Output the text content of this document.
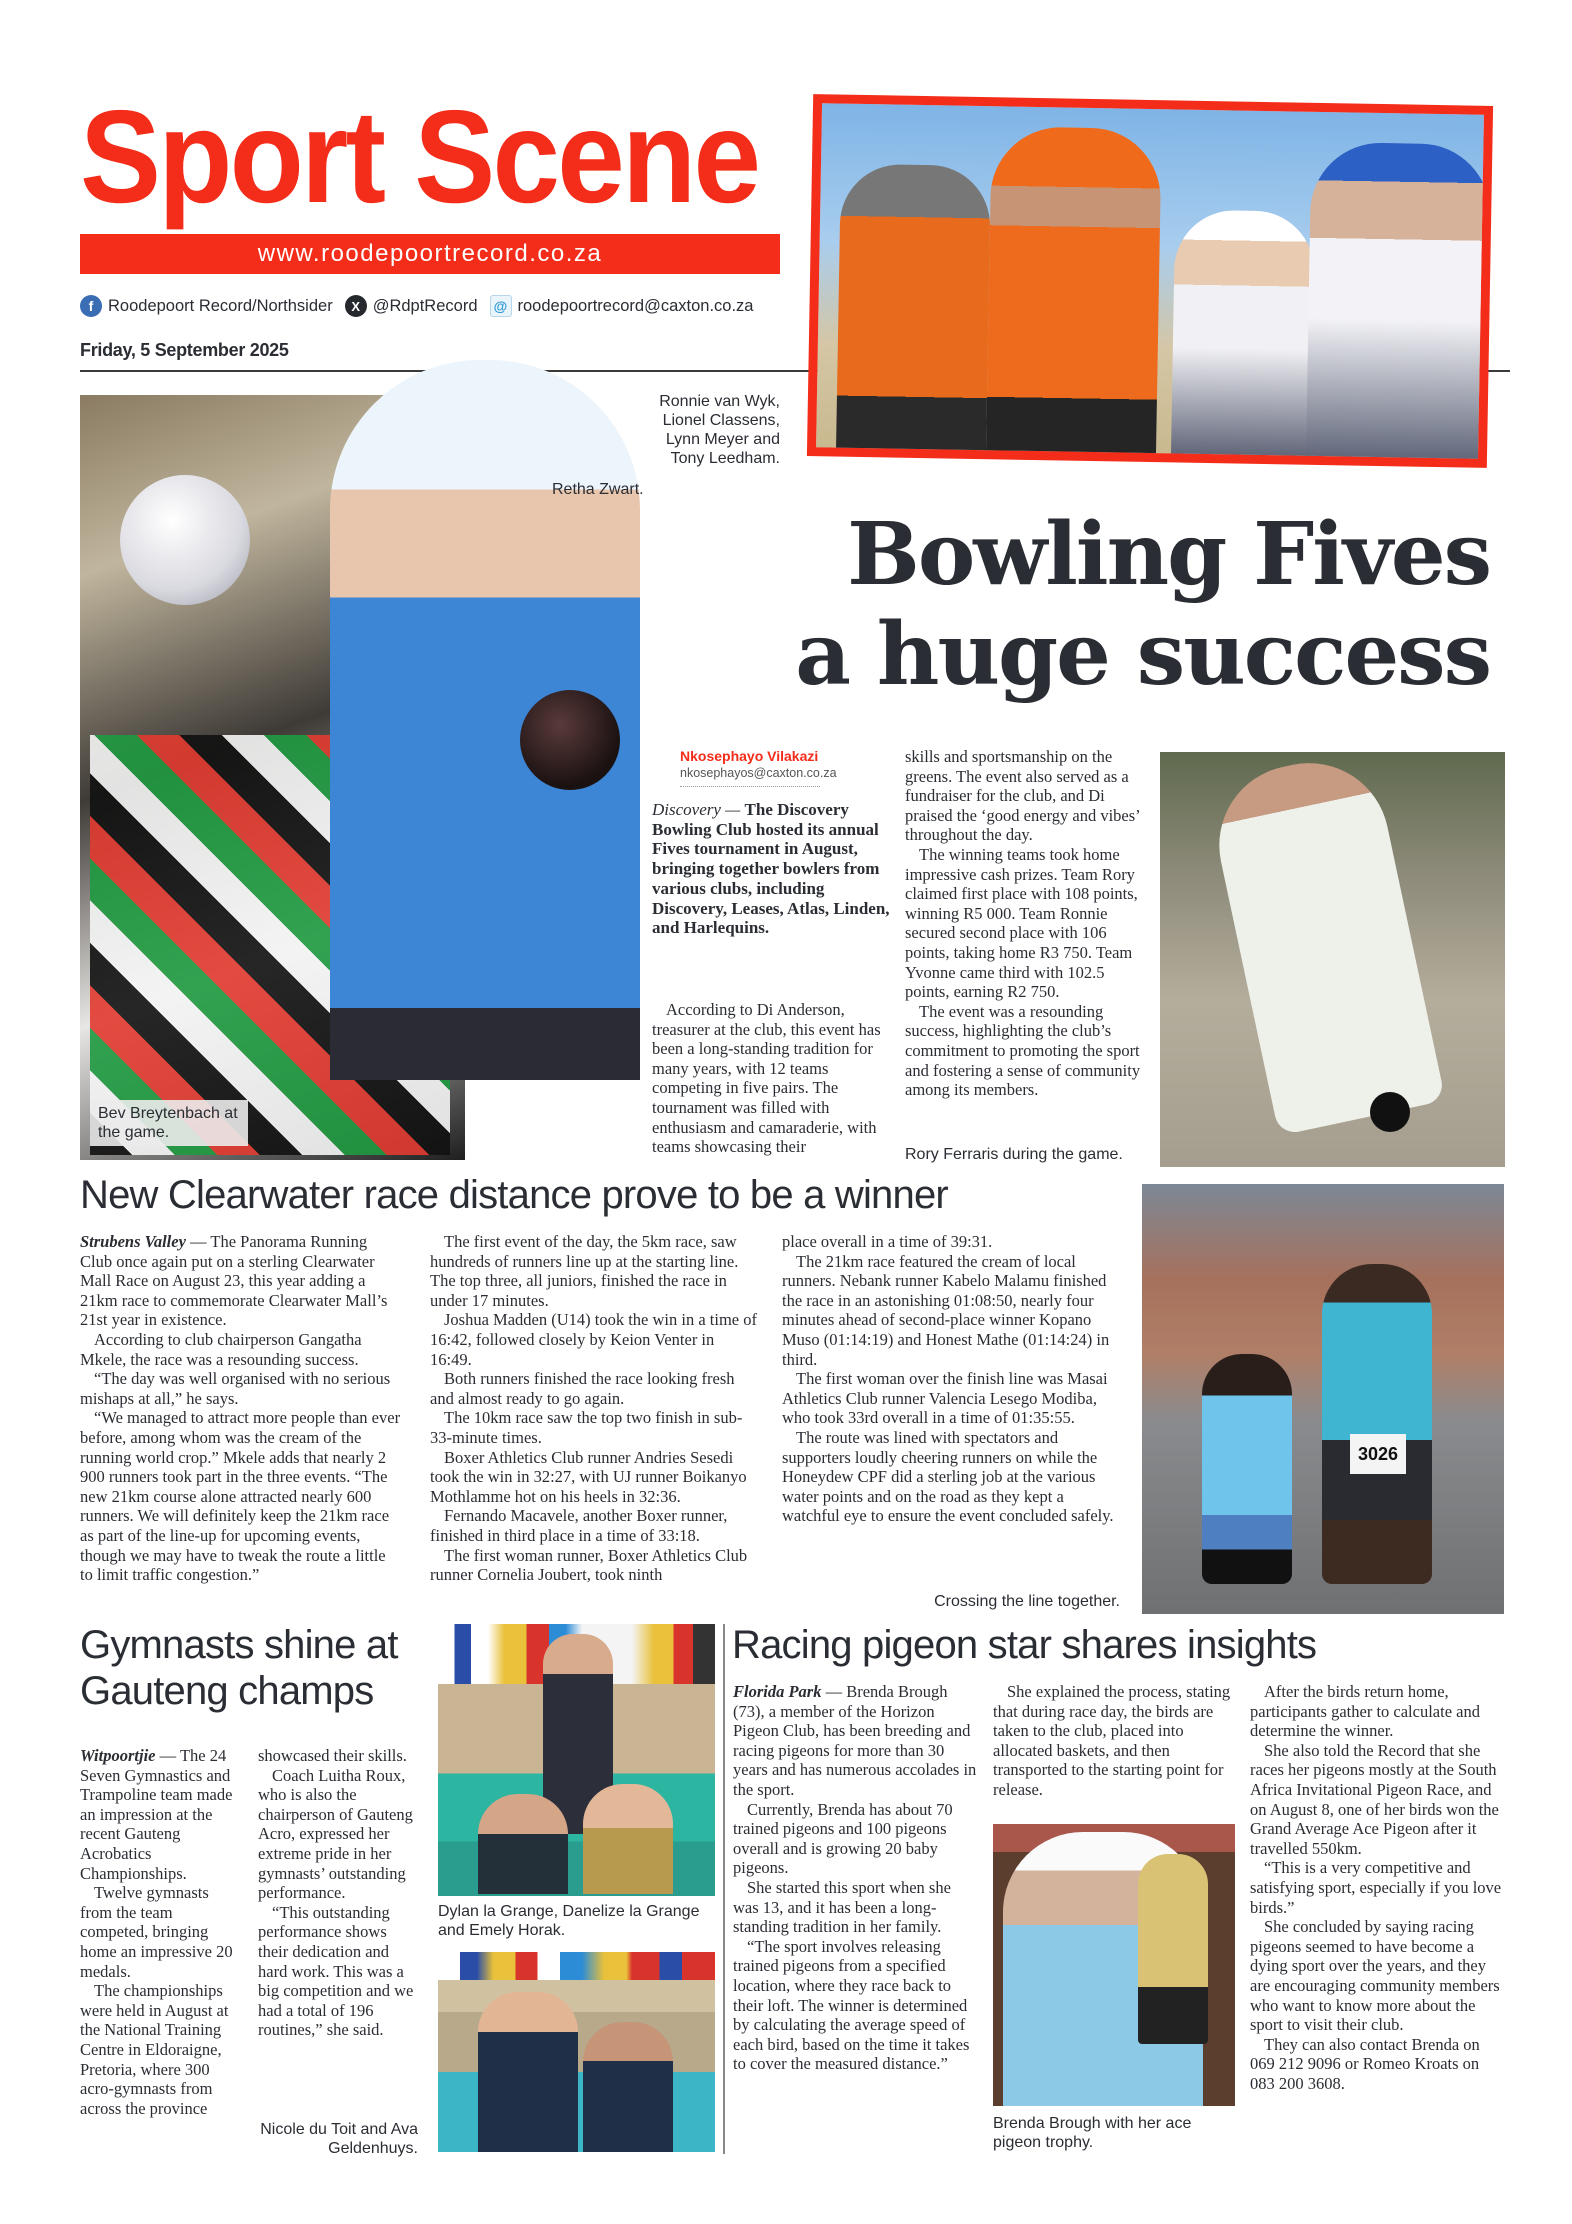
Sport Scene
www.roodepoortrecord.co.za
f Roodepoort Record/Northsider	X @RdptRecord @ roodepoortrecord@caxton.co.za
Friday, 5 September 2025
Bev Breytenbach at the game.
Ronnie van Wyk, Lionel Classens, Lynn Meyer and Tony Leedham.
Retha Zwart.
Bowling Fives
a huge success
Nkosephayo Vilakazi
nkosephayos@caxton.co.za
Discovery — The Discovery Bowling Club hosted its annual Fives tournament in August, bringing together bowlers from various clubs, including Discovery, Leases, Atlas, Linden, and Harlequins.

According to Di Anderson, treasurer at the club, this event has been a long-standing tradition for many years, with 12 teams competing in five pairs. The tournament was filled with enthusiasm and camaraderie, with teams showcasing their

skills and sportsmanship on the greens. The event also served as a fundraiser for the club, and Di praised the ‘good energy and vibes’ throughout the day.

The winning teams took home impressive cash prizes. Team Rory claimed first place with 108 points, winning R5 000. Team Ronnie secured second place with 106 points, taking home R3 750. Team Yvonne came third with 102.5 points, earning R2 750.

The event was a resounding success, highlighting the club’s commitment to promoting the sport and fostering a sense of community among its members.

Rory Ferraris during the game.
New Clearwater race distance prove to be a winner

Strubens Valley — The Panorama Running Club once again put on a sterling Clearwater Mall Race on August 23, this year adding a 21km race to commemorate Clearwater Mall’s 21st year in existence.

According to club chairperson Gangatha Mkele, the race was a resounding success.

“The day was well organised with no serious mishaps at all,” he says.

“We managed to attract more people than ever before, among whom was the cream of the running world crop.” Mkele adds that nearly 2 900 runners took part in the three events. “The new 21km course alone attracted nearly 600 runners. We will definitely keep the 21km race as part of the line-up for upcoming events, though we may have to tweak the route a little to limit traffic congestion.”

The first event of the day, the 5km race, saw hundreds of runners line up at the starting line. The top three, all juniors, finished the race in under 17 minutes.

Joshua Madden (U14) took the win in a time of 16:42, followed closely by Keion Venter in 16:49.

Both runners finished the race looking fresh and almost ready to go again.

The 10km race saw the top two finish in sub-33-minute times.

Boxer Athletics Club runner Andries Sesedi took the win in 32:27, with UJ runner Boikanyo Mothlamme hot on his heels in 32:36.

Fernando Macavele, another Boxer runner, finished in third place in a time of 33:18.

The first woman runner, Boxer Athletics Club runner Cornelia Joubert, took ninth

place overall in a time of 39:31.

The 21km race featured the cream of local runners. Nebank runner Kabelo Malamu finished the race in an astonishing 01:08:50, nearly four minutes ahead of second-place winner Kopano Muso (01:14:19) and Honest Mathe (01:14:24) in third.

The first woman over the finish line was Masai Athletics Club runner Valencia Lesego Modiba, who took 33rd overall in a time of 01:35:55.

The route was lined with spectators and supporters loudly cheering runners on while the Honeydew CPF did a sterling job at the various water points and on the road as they kept a watchful eye to ensure the event concluded safely.

Crossing the line together.
3026
Gymnasts shine at Gauteng champs

Witpoortjie — The 24 Seven Gymnastics and Trampoline team made an impression at the recent Gauteng Acrobatics Championships.

Twelve gymnasts from the team competed, bringing home an impressive 20 medals.

The championships were held in August at the National Training Centre in Eldoraigne, Pretoria, where 300 acro-gymnasts from across the province

showcased their skills.

Coach Luitha Roux, who is also the chairperson of Gauteng Acro, expressed her extreme pride in her gymnasts’ outstanding performance.

“This outstanding performance shows their dedication and hard work. This was a big competition and we had a total of 196 routines,” she said.

Nicole du Toit and Ava Geldenhuys.
Dylan la Grange, Danelize la Grange and Emely Horak.
Racing pigeon star shares insights

Florida Park — Brenda Brough (73), a member of the Horizon Pigeon Club, has been breeding and racing pigeons for more than 30 years and has numerous accolades in the sport.

Currently, Brenda has about 70 trained pigeons and 100 pigeons overall and is growing 20 baby pigeons.

She started this sport when she was 13, and it has been a long-standing tradition in her family.

“The sport involves releasing trained pigeons from a specified location, where they race back to their loft. The winner is determined by calculating the average speed of each bird, based on the time it takes to cover the measured distance.”

She explained the process, stating that during race day, the birds are taken to the club, placed into allocated baskets, and then transported to the starting point for release.

Brenda Brough with her ace pigeon trophy.

After the birds return home, participants gather to calculate and determine the winner.

She also told the Record that she races her pigeons mostly at the South Africa Invitational Pigeon Race, and on August 8, one of her birds won the Grand Average Ace Pigeon after it travelled 550km.

“This is a very competitive and satisfying sport, especially if you love birds.”

She concluded by saying racing pigeons seemed to have become a dying sport over the years, and they are encouraging community members who want to know more about the sport to visit their club.

They can also contact Brenda on 069 212 9096 or Romeo Kroats on 083 200 3608.
